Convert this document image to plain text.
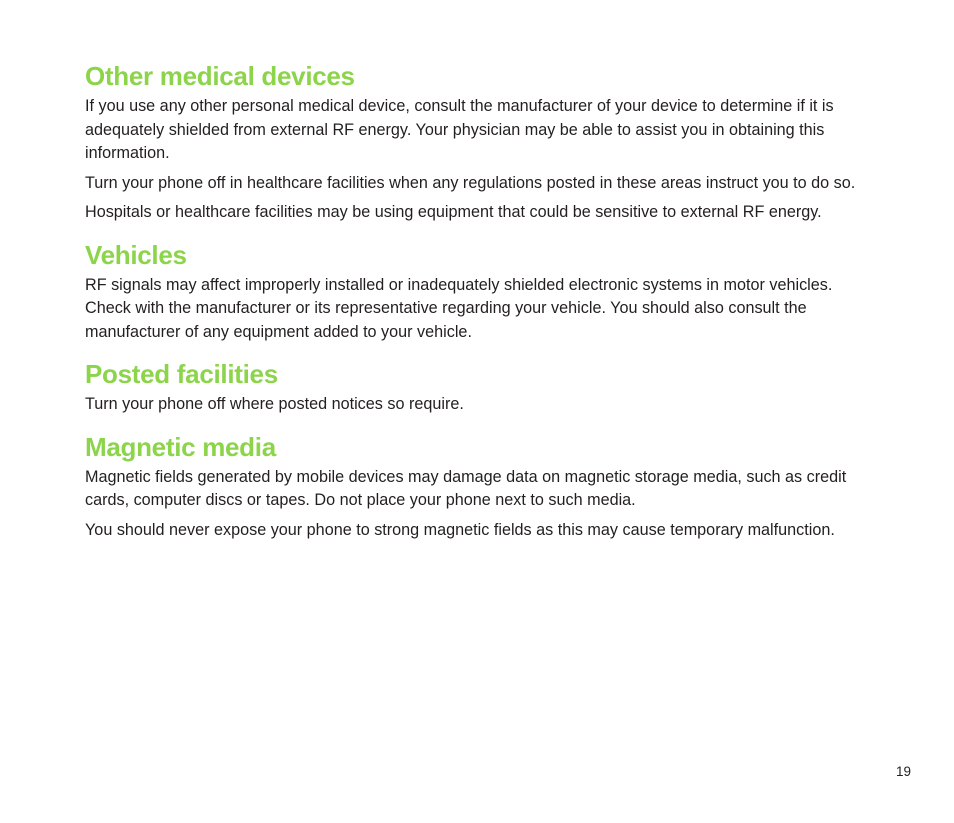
Other medical devices

If you use any other personal medical device, consult the manufacturer of your device to determine if it is adequately shielded from external RF energy. Your physician may be able to assist you in obtaining this information.

Turn your phone off in healthcare facilities when any regulations posted in these areas instruct you to do so.

Hospitals or healthcare facilities may be using equipment that could be sensitive to external RF energy.

Vehicles

RF signals may affect improperly installed or inadequately shielded electronic systems in motor vehicles. Check with the manufacturer or its representative regarding your vehicle. You should also consult the manufacturer of any equipment added to your vehicle.

Posted facilities

Turn your phone off where posted notices so require.

Magnetic media

Magnetic fields generated by mobile devices may damage data on magnetic storage media, such as credit cards, computer discs or tapes. Do not place your phone next to such media.

You should never expose your phone to strong magnetic fields as this may cause temporary malfunction.

19
